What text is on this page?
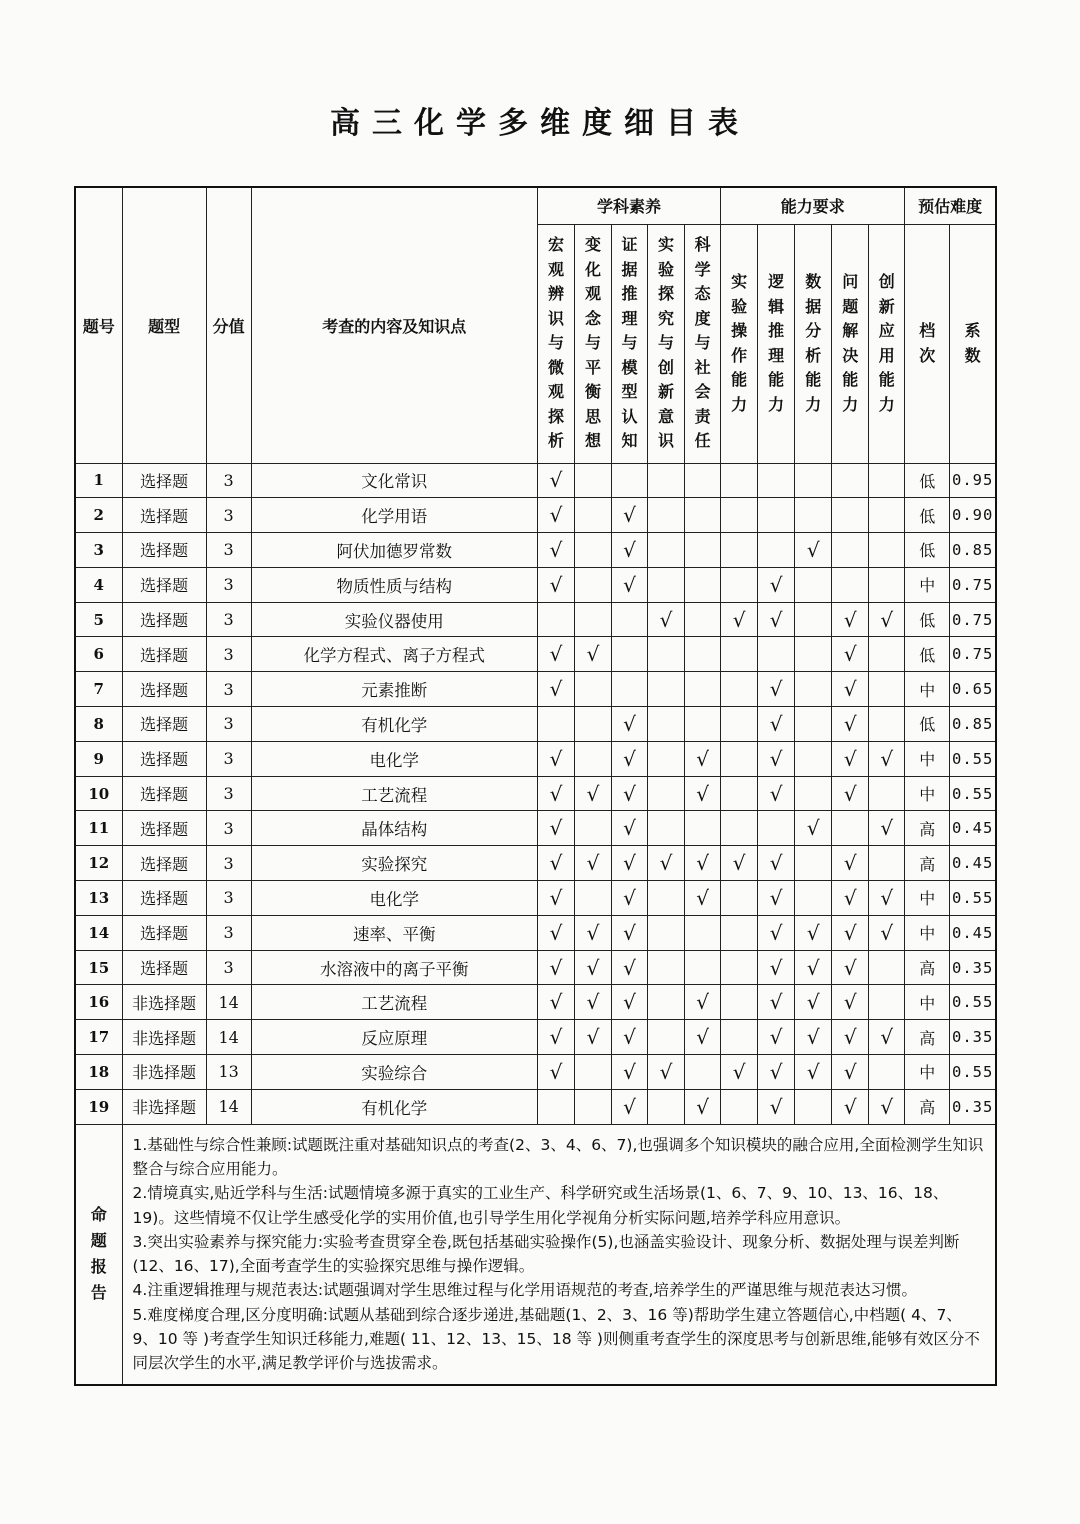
高三化学多维度细目表
题号	题型	分值	考查的内容及知识点	学科素养					能力要求					预估难度	
				宏观辨识与微观探析	变化观念与平衡思想	证据推理与模型认知	实验探究与创新意识	科学态度与社会责任	实验操作能力	逻辑推理能力	数据分析能力	问题解决能力	创新应用能力	档次	系数
1	选择题	3	文化常识	√										低	0.95
2	选择题	3	化学用语	√		√								低	0.90
3	选择题	3	阿伏加德罗常数	√		√					√			低	0.85
4	选择题	3	物质性质与结构	√		√				√				中	0.75
5	选择题	3	实验仪器使用				√		√	√		√	√	低	0.75
6	选择题	3	化学方程式、离子方程式	√	√							√		低	0.75
7	选择题	3	元素推断	√						√		√		中	0.65
8	选择题	3	有机化学			√				√		√		低	0.85
9	选择题	3	电化学	√		√		√		√		√	√	中	0.55
10	选择题	3	工艺流程	√	√	√		√		√		√		中	0.55
11	选择题	3	晶体结构	√		√					√		√	高	0.45
12	选择题	3	实验探究	√	√	√	√	√	√	√		√		高	0.45
13	选择题	3	电化学	√		√		√		√		√	√	中	0.55
14	选择题	3	速率、平衡	√	√	√				√	√	√	√	中	0.45
15	选择题	3	水溶液中的离子平衡	√	√	√				√	√	√		高	0.35
16	非选择题	14	工艺流程	√	√	√		√		√	√	√		中	0.55
17	非选择题	14	反应原理	√	√	√		√		√	√	√	√	高	0.35
18	非选择题	13	实验综合	√		√	√		√	√	√	√		中	0.55
19	非选择题	14	有机化学			√		√		√		√	√	高	0.35
命题报告	1.基础性与综合性兼顾:试题既注重对基础知识点的考查(2、3、4、6、7),也强调多个知识模块的融合应用,全面检测学生知识整合与综合应用能力。

2.情境真实,贴近学科与生活:试题情境多源于真实的工业生产、科学研究或生活场景(1、6、7、9、10、13、16、18、19)。这些情境不仅让学生感受化学的实用价值,也引导学生用化学视角分析实际问题,培养学科应用意识。

3.突出实验素养与探究能力:实验考查贯穿全卷,既包括基础实验操作(5),也涵盖实验设计、现象分析、数据处理与误差判断(12、16、17),全面考查学生的实验探究思维与操作逻辑。

4.注重逻辑推理与规范表达:试题强调对学生思维过程与化学用语规范的考查,培养学生的严谨思维与规范表达习惯。

5.难度梯度合理,区分度明确:试题从基础到综合逐步递进,基础题(1、2、3、16 等)帮助学生建立答题信心,中档题( 4、7、9、10 等 )考查学生知识迁移能力,难题( 11、12、13、15、18 等 )则侧重考查学生的深度思考与创新思维,能够有效区分不同层次学生的水平,满足教学评价与选拔需求。														
